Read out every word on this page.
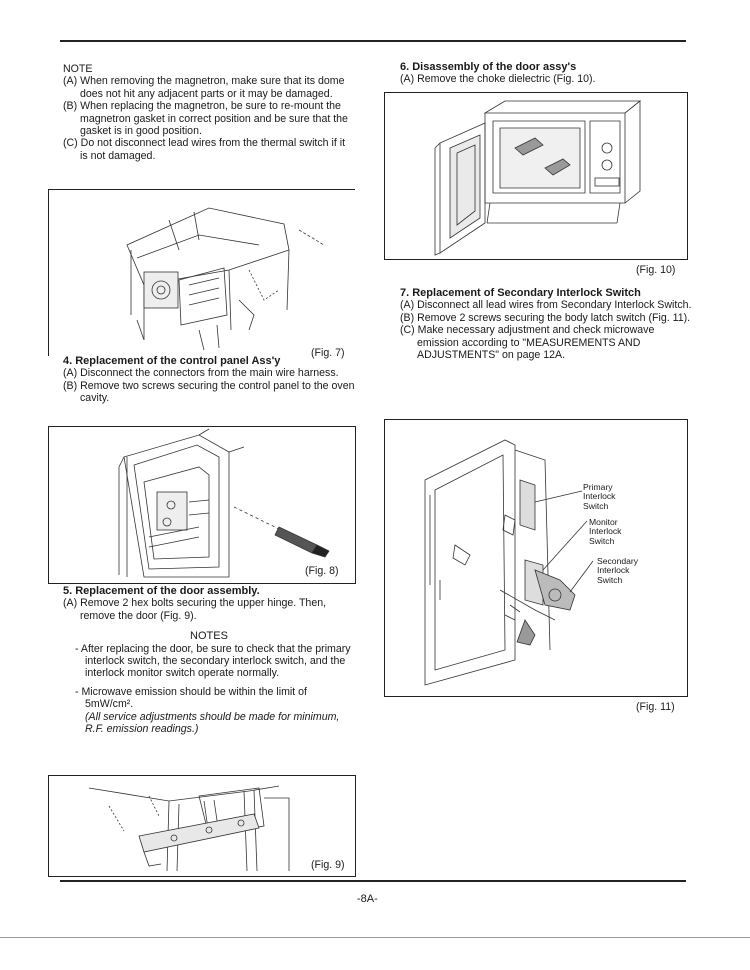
NOTE

(A) When removing the magnetron, make sure that its dome does not hit any adjacent parts or it may be damaged.

(B) When replacing the magnetron, be sure to re-mount the magnetron gasket in correct position and be sure that the gasket is in good position.

(C) Do not disconnect lead wires from the thermal switch if it is not damaged.

(Fig. 7)

4. Replacement of the control panel Ass'y

(A) Disconnect the connectors from the main wire harness.

(B) Remove two screws securing the control panel to the oven cavity.

(Fig. 8)

5. Replacement of the door assembly.

(A) Remove 2 hex bolts securing the upper hinge. Then, remove the door (Fig. 9).

NOTES

- After replacing the door, be sure to check that the primary interlock switch, the secondary interlock switch, and the interlock monitor switch operate normally.

- Microwave emission should be within the limit of 5mW/cm².

(All service adjustments should be made for minimum, R.F. emission readings.)

(Fig. 9)

6. Disassembly of the door assy's

(A) Remove the choke dielectric (Fig. 10).

(Fig. 10)

7. Replacement of Secondary Interlock Switch

(A) Disconnect all lead wires from Secondary Interlock Switch.

(B) Remove 2 screws securing the body latch switch (Fig. 11).

(C) Make necessary adjustment and check microwave emission according to "MEASUREMENTS AND ADJUSTMENTS" on page 12A.

Primary
Interlock
Switch
Monitor
Interlock
Switch
Secondary
Interlock
Switch
(Fig. 11)
-8A-
